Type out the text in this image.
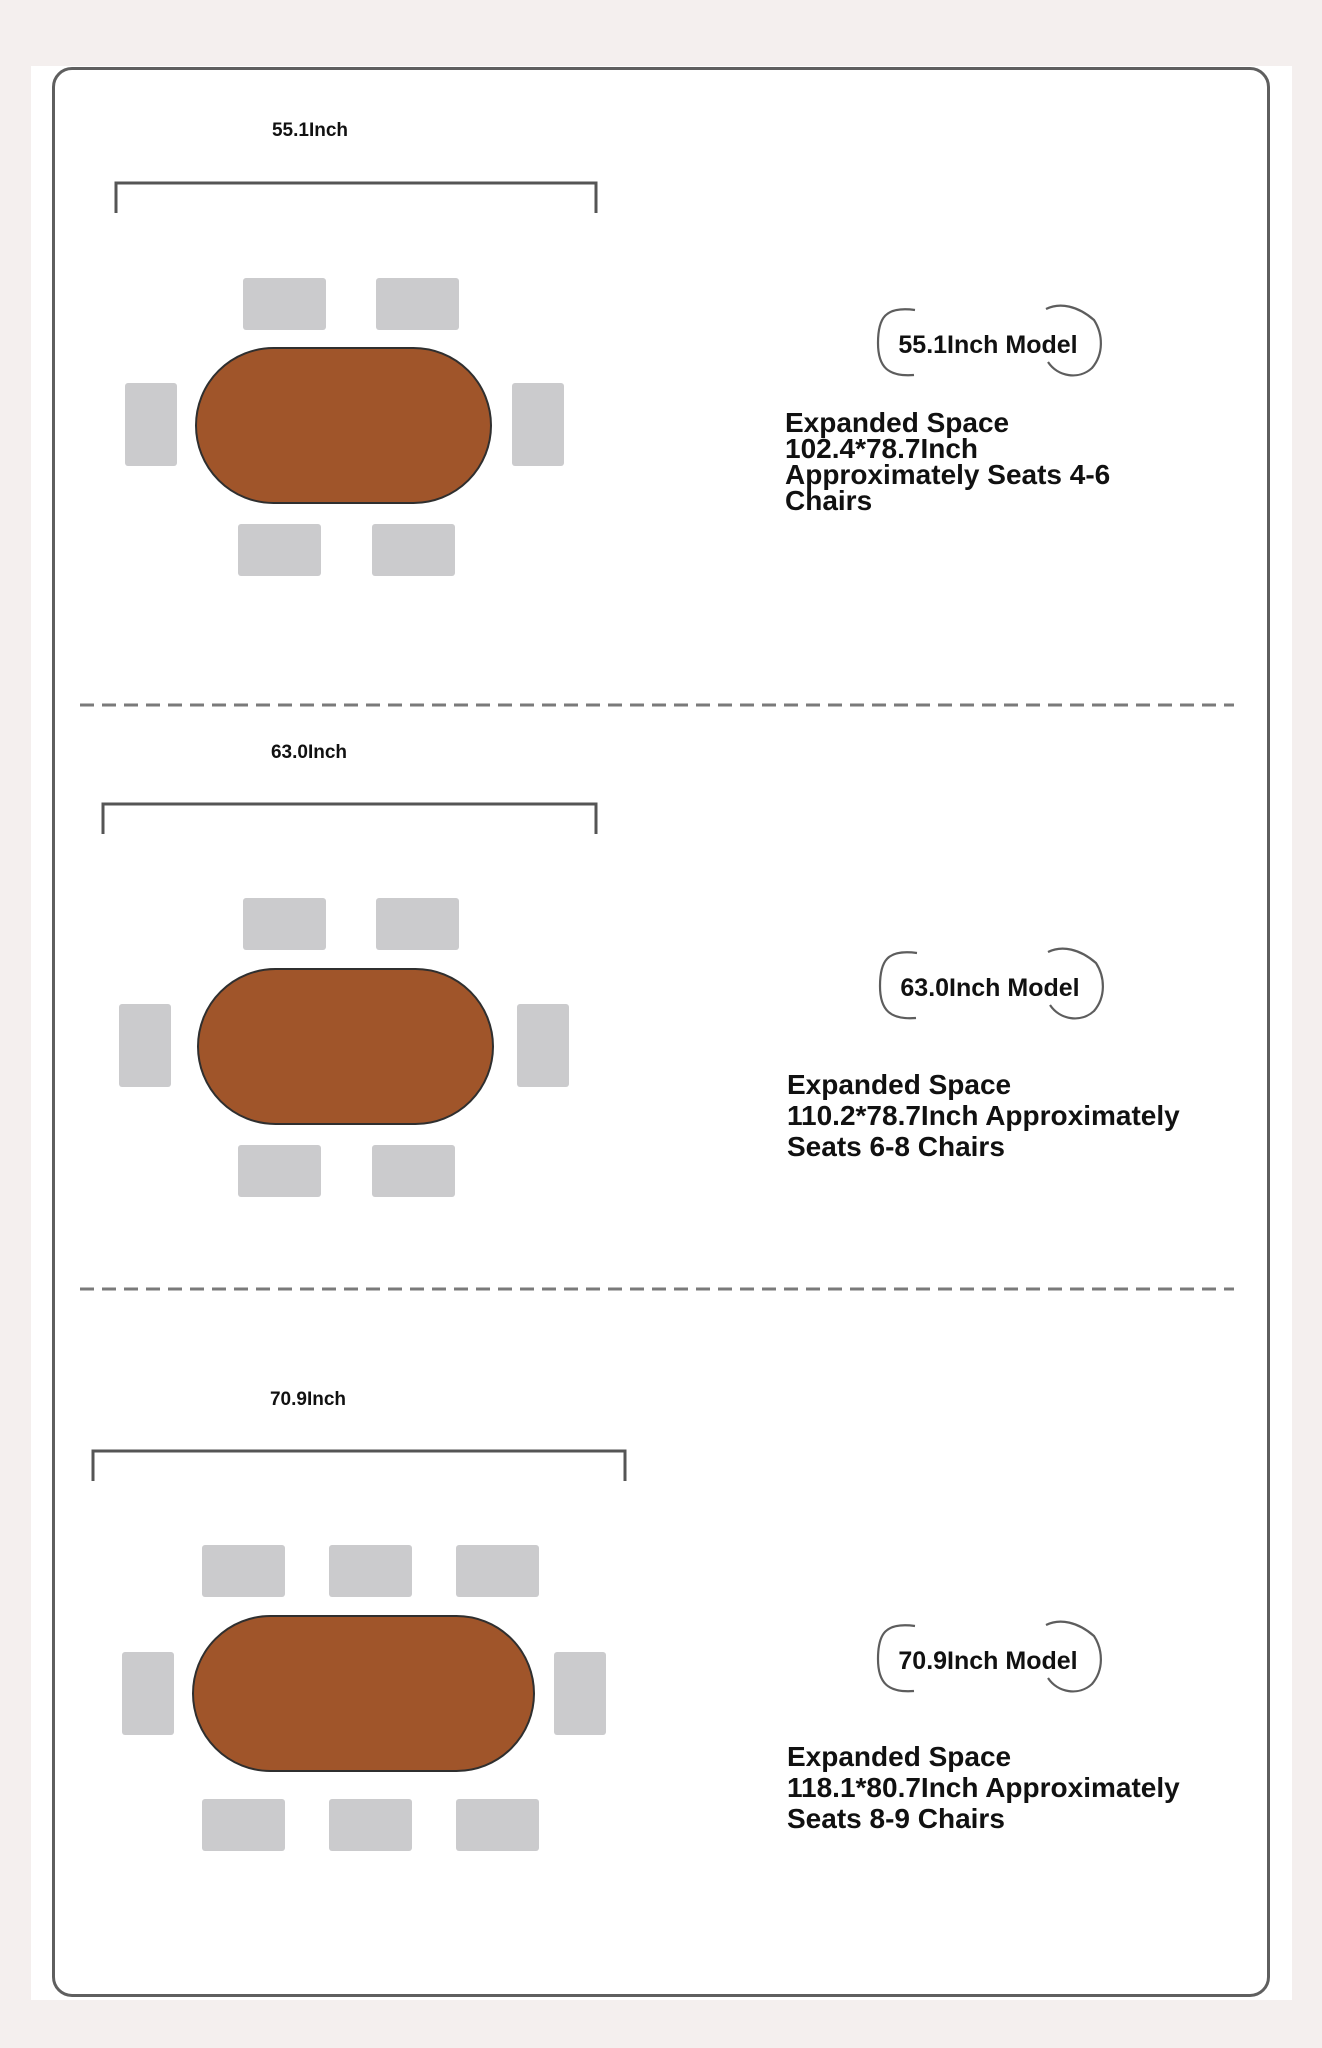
55.1Inch
55.1Inch Model
Expanded Space
102.4*78.7Inch
Approximately Seats 4-6
Chairs
63.0Inch
63.0Inch Model
Expanded Space
110.2*78.7Inch Approximately
Seats 6-8 Chairs
70.9Inch
70.9Inch Model
Expanded Space
118.1*80.7Inch Approximately
Seats 8-9 Chairs
